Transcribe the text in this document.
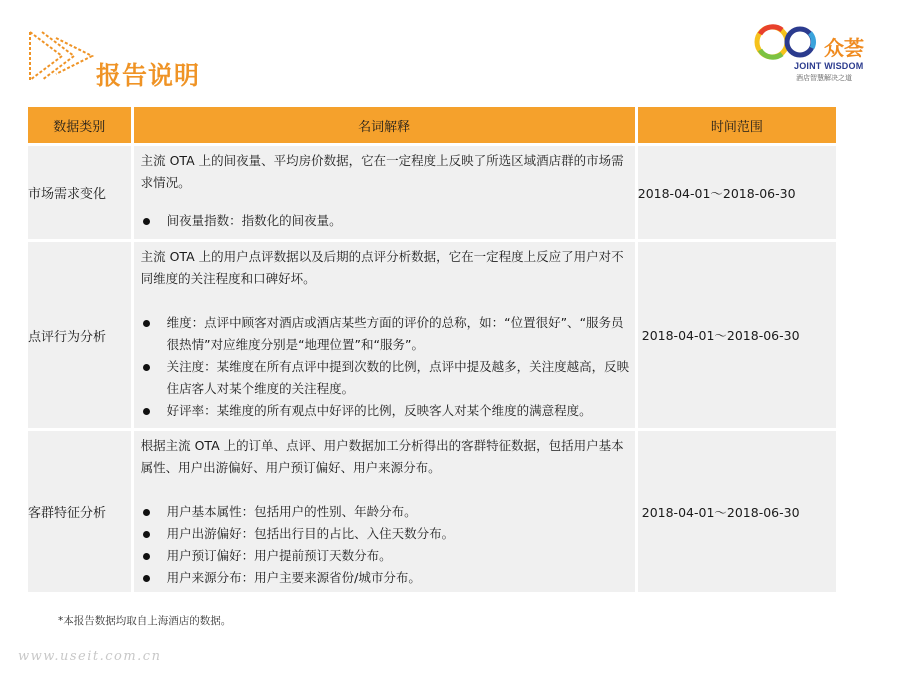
报告说明
众荟
JOINT WISDOM
酒店智慧解决之道
数据类别	名词解释	时间范围
市场需求变化
主流 OTA 上的间夜量、平均房价数据，它在一定程度上反映了所选区域酒店群的市场需求情况。
间夜量指数：指数化的间夜量。
2018-04-01～2018-06-30
点评行为分析
主流 OTA 上的用户点评数据以及后期的点评分析数据，它在一定程度上反应了用户对不同维度的关注程度和口碑好坏。
维度：点评中顾客对酒店或酒店某些方面的评价的总称，如：“位置很好”、“服务员很热情”对应维度分别是“地理位置”和“服务”。
关注度：某维度在所有点评中提到次数的比例，点评中提及越多，关注度越高，反映住店客人对某个维度的关注程度。
好评率：某维度的所有观点中好评的比例，反映客人对某个维度的满意程度。
2018-04-01～2018-06-30
客群特征分析
根据主流 OTA 上的订单、点评、用户数据加工分析得出的客群特征数据，包括用户基本属性、用户出游偏好、用户预订偏好、用户来源分布。
用户基本属性：包括用户的性别、年龄分布。
用户出游偏好：包括出行目的占比、入住天数分布。
用户预订偏好：用户提前预订天数分布。
用户来源分布：用户主要来源省份/城市分布。
2018-04-01～2018-06-30
*本报告数据均取自上海酒店的数据。
www.useit.com.cn
